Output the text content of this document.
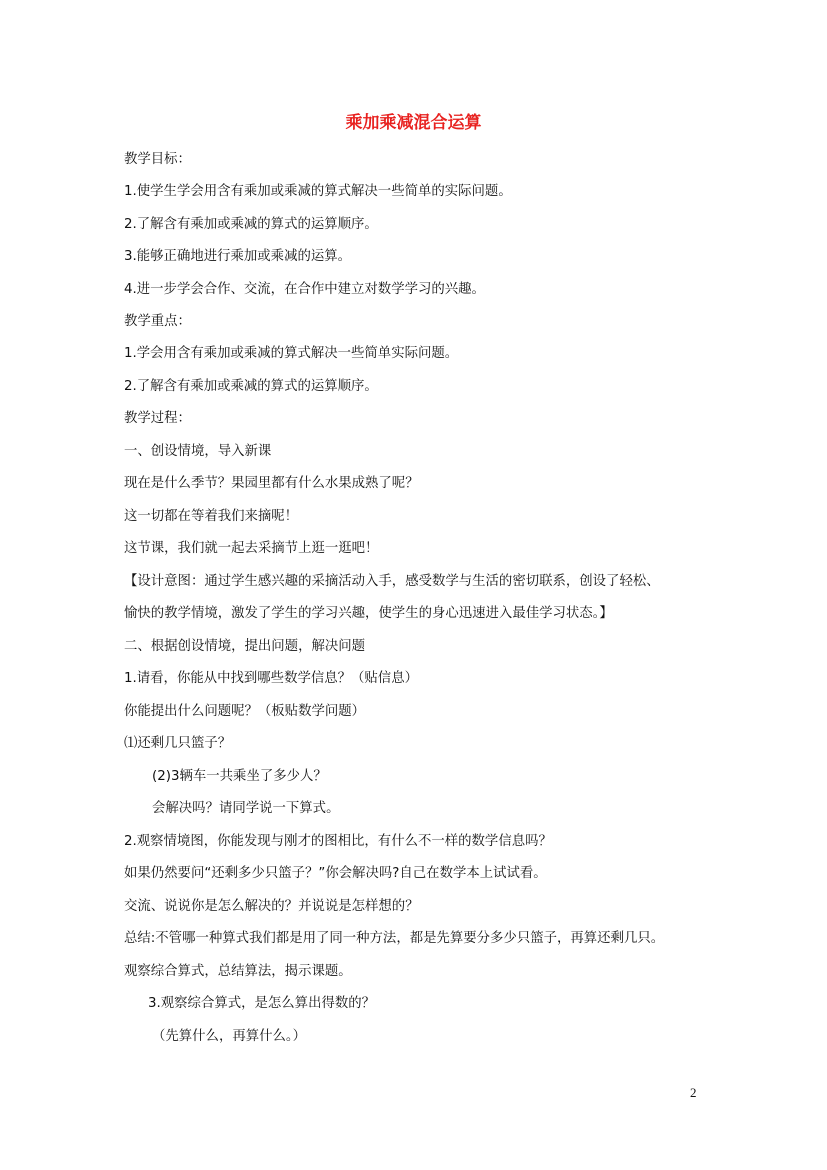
乘加乘减混合运算
教学目标：
1.使学生学会用含有乘加或乘减的算式解决一些简单的实际问题。
2.了解含有乘加或乘减的算式的运算顺序。
3.能够正确地进行乘加或乘减的运算。
4.进一步学会合作、交流，在合作中建立对数学学习的兴趣。
教学重点：
1.学会用含有乘加或乘减的算式解决一些简单实际问题。
2.了解含有乘加或乘减的算式的运算顺序。
教学过程：
一、创设情境，导入新课
现在是什么季节？果园里都有什么水果成熟了呢？
这一切都在等着我们来摘呢！
这节课，我们就一起去采摘节上逛一逛吧！
【设计意图：通过学生感兴趣的采摘活动入手，感受数学与生活的密切联系，创设了轻松、
愉快的教学情境，激发了学生的学习兴趣，使学生的身心迅速进入最佳学习状态。】
二、根据创设情境，提出问题，解决问题
1.请看，你能从中找到哪些数学信息？（贴信息）
你能提出什么问题呢？（板贴数学问题）
⑴还剩几只篮子？
(2)3辆车一共乘坐了多少人？
会解决吗？请同学说一下算式。
2.观察情境图，你能发现与刚才的图相比，有什么不一样的数学信息吗？
如果仍然要问“还剩多少只篮子？”你会解决吗?自己在数学本上试试看。
交流、说说你是怎么解决的？并说说是怎样想的？
总结:不管哪一种算式我们都是用了同一种方法，都是先算要分多少只篮子，再算还剩几只。
观察综合算式，总结算法，揭示课题。
3.观察综合算式，是怎么算出得数的？
（先算什么，再算什么。）
2
